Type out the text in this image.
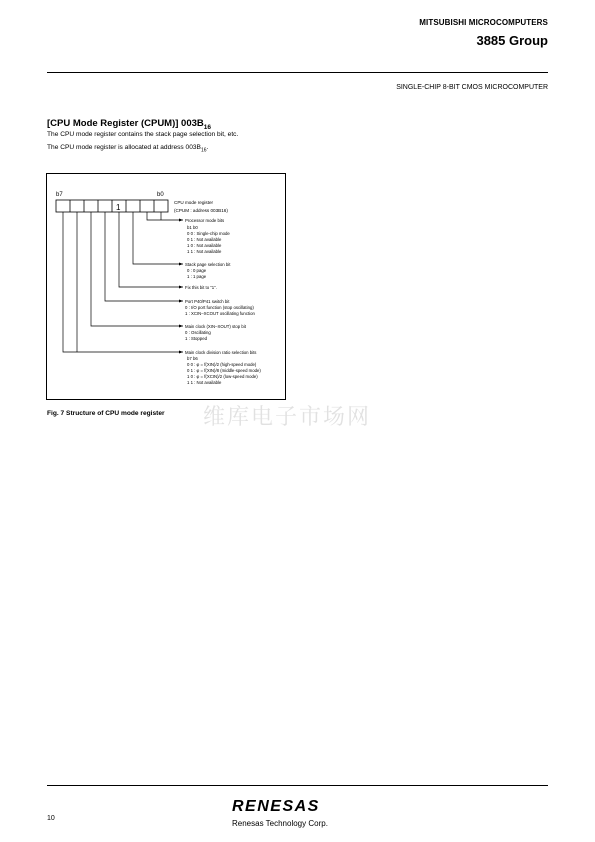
MITSUBISHI MICROCOMPUTERS
3885 Group
SINGLE-CHIP 8-BIT CMOS MICROCOMPUTER
[CPU Mode Register (CPUM)] $003B_{16}$
The CPU mode register contains the stack page selection bit, etc.
The CPU mode register is allocated at address $003B_{16}$.
b7	b0
1
CPU mode register
(CPUM : address 003B16)
Processor mode bits
b1 b0
0 0 : Single-chip mode
0 1 : Not available
1 0 : Not available
1 1 : Not available
Stack page selection bit
0 : 0 page
1 : 1 page
Fix this bit to “1”.
Port P40/P41 switch bit
0 : I/O port function (stop oscillating)
1 : XCIN–XCOUT oscillating function
Main clock (XIN–XOUT) stop bit
0 : Oscillating
1 : Stopped
Main clock division ratio selection bits
b7 b6
0 0 : φ = f(XIN)/2 (high-speed mode)
0 1 : φ = f(XIN)/8 (middle-speed mode)
1 0 : φ = f(XCIN)/2 (low-speed mode)
1 1 : Not available
Fig. 7 Structure of CPU mode register 维库电子市场网
10
RENESAS
Renesas Technology Corp.
